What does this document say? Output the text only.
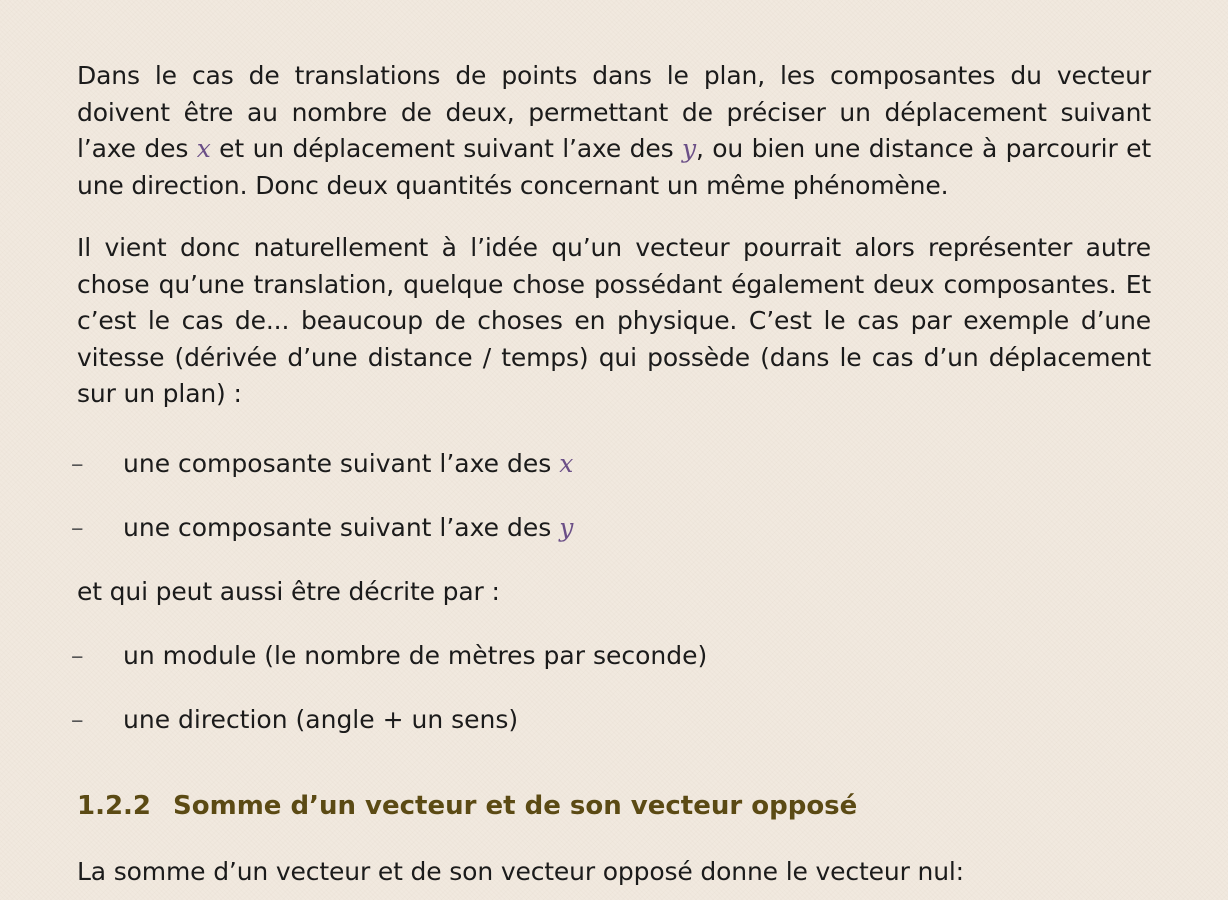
Dans le cas de translations de points dans le plan, les composantes du vecteur doivent être au nombre de deux, permettant de préciser un déplacement suivant l’axe des x et un déplacement suivant l’axe des y, ou bien une distance à parcourir et une direction. Donc deux quantités concernant un même phénomène.

Il vient donc naturellement à l’idée qu’un vecteur pourrait alors représenter autre chose qu’une translation, quelque chose possédant également deux composantes. Et c’est le cas de... beaucoup de choses en physique. C’est le cas par exemple d’une vitesse (dérivée d’une distance / temps) qui possède (dans le cas d’un déplacement sur un plan) :

– une composante suivant l’axe des x
– une composante suivant l’axe des y

et qui peut aussi être décrite par :

– un module (le nombre de mètres par seconde)
– une direction (angle + un sens)
1.2.2 Somme d’un vecteur et de son vecteur opposé

La somme d’un vecteur et de son vecteur opposé donne le vecteur nul:
